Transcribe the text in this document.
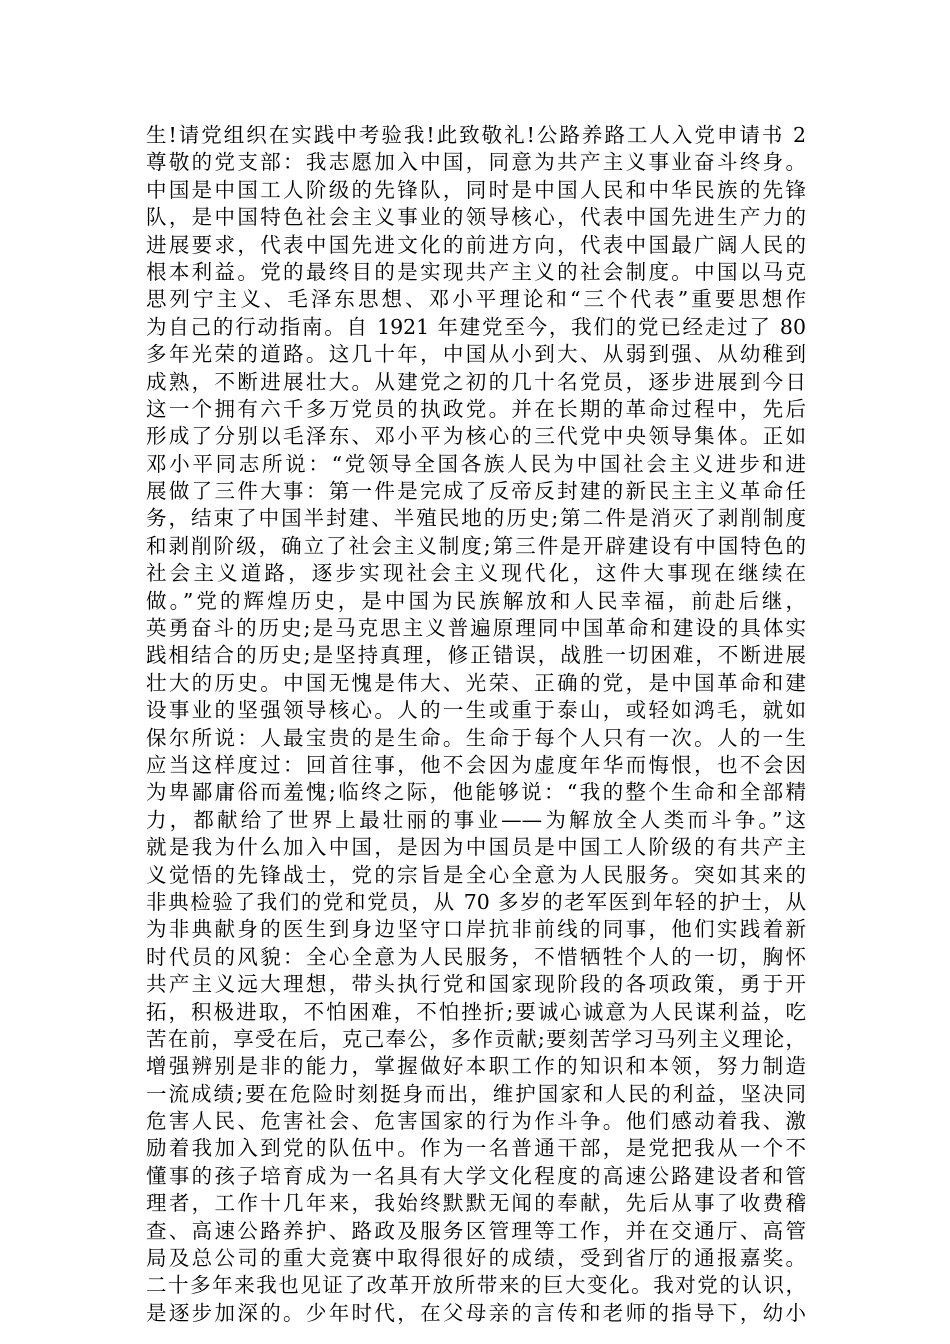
生!请党组织在实践中考验我!此致敬礼!公路养路工人入党申请书 2
尊敬的党支部：我志愿加入中国，同意为共产主义事业奋斗终身。
中国是中国工人阶级的先锋队，同时是中国人民和中华民族的先锋
队，是中国特色社会主义事业的领导核心，代表中国先进生产力的
进展要求，代表中国先进文化的前进方向，代表中国最广阔人民的
根本利益。党的最终目的是实现共产主义的社会制度。中国以马克
思列宁主义、毛泽东思想、邓小平理论和“三个代表”重要思想作
为自己的行动指南。自 1921 年建党至今，我们的党已经走过了 80
多年光荣的道路。这几十年，中国从小到大、从弱到强、从幼稚到
成熟，不断进展壮大。从建党之初的几十名党员，逐步进展到今日
这一个拥有六千多万党员的执政党。并在长期的革命过程中，先后
形成了分别以毛泽东、邓小平为核心的三代党中央领导集体。正如
邓小平同志所说：“党领导全国各族人民为中国社会主义进步和进
展做了三件大事：第一件是完成了反帝反封建的新民主主义革命任
务，结束了中国半封建、半殖民地的历史;第二件是消灭了剥削制度
和剥削阶级，确立了社会主义制度;第三件是开辟建设有中国特色的
社会主义道路，逐步实现社会主义现代化，这件大事现在继续在
做。”党的辉煌历史，是中国为民族解放和人民幸福，前赴后继，
英勇奋斗的历史;是马克思主义普遍原理同中国革命和建设的具体实
践相结合的历史;是坚持真理，修正错误，战胜一切困难，不断进展
壮大的历史。中国无愧是伟大、光荣、正确的党，是中国革命和建
设事业的坚强领导核心。人的一生或重于泰山，或轻如鸿毛，就如
保尔所说：人最宝贵的是生命。生命于每个人只有一次。人的一生
应当这样度过：回首往事，他不会因为虚度年华而悔恨，也不会因
为卑鄙庸俗而羞愧;临终之际，他能够说：“我的整个生命和全部精
力，都献给了世界上最壮丽的事业——为解放全人类而斗争。”这
就是我为什么加入中国，是因为中国员是中国工人阶级的有共产主
义觉悟的先锋战士，党的宗旨是全心全意为人民服务。突如其来的
非典检验了我们的党和党员，从 70 多岁的老军医到年轻的护士，从
为非典献身的医生到身边坚守口岸抗非前线的同事，他们实践着新
时代员的风貌：全心全意为人民服务，不惜牺牲个人的一切，胸怀
共产主义远大理想，带头执行党和国家现阶段的各项政策，勇于开
拓，积极进取，不怕困难，不怕挫折;要诚心诚意为人民谋利益，吃
苦在前，享受在后，克己奉公，多作贡献;要刻苦学习马列主义理论，
增强辨别是非的能力，掌握做好本职工作的知识和本领，努力制造
一流成绩;要在危险时刻挺身而出，维护国家和人民的利益，坚决同
危害人民、危害社会、危害国家的行为作斗争。他们感动着我、激
励着我加入到党的队伍中。作为一名普通干部，是党把我从一个不
懂事的孩子培育成为一名具有大学文化程度的高速公路建设者和管
理者，工作十几年来，我始终默默无闻的奉献，先后从事了收费稽
查、高速公路养护、路政及服务区管理等工作，并在交通厅、高管
局及总公司的重大竞赛中取得很好的成绩，受到省厅的通报嘉奖。
二十多年来我也见证了改革开放所带来的巨大变化。我对党的认识，
是逐步加深的。少年时代，在父母亲的言传和老师的指导下，幼小
